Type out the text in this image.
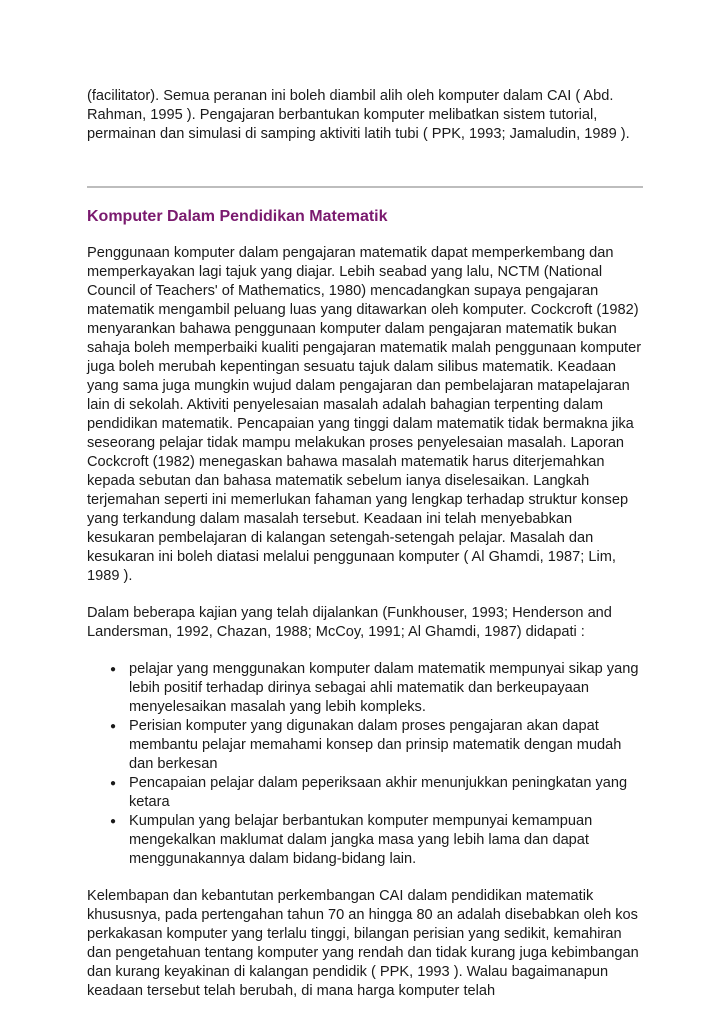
(facilitator). Semua peranan ini boleh diambil alih oleh komputer dalam CAI ( Abd. Rahman, 1995 ). Pengajaran berbantukan komputer melibatkan sistem tutorial, permainan dan simulasi di samping aktiviti latih tubi ( PPK, 1993; Jamaludin, 1989 ).

Komputer Dalam Pendidikan Matematik

Penggunaan komputer dalam pengajaran matematik dapat memperkembang dan memperkayakan lagi tajuk yang diajar. Lebih seabad yang lalu, NCTM (National Council of Teachers' of Mathematics, 1980) mencadangkan supaya pengajaran matematik mengambil peluang luas yang ditawarkan oleh komputer. Cockcroft (1982) menyarankan bahawa penggunaan komputer dalam pengajaran matematik bukan sahaja boleh memperbaiki kualiti pengajaran matematik malah penggunaan komputer juga boleh merubah kepentingan sesuatu tajuk dalam silibus matematik. Keadaan yang sama juga mungkin wujud dalam pengajaran dan pembelajaran matapelajaran lain di sekolah. Aktiviti penyelesaian masalah adalah bahagian terpenting dalam pendidikan matematik. Pencapaian yang tinggi dalam matematik tidak bermakna jika seseorang pelajar tidak mampu melakukan proses penyelesaian masalah. Laporan Cockcroft (1982) menegaskan bahawa masalah matematik harus diterjemahkan kepada sebutan dan bahasa matematik sebelum ianya diselesaikan. Langkah terjemahan seperti ini memerlukan fahaman yang lengkap terhadap struktur konsep yang terkandung dalam masalah tersebut. Keadaan ini telah menyebabkan kesukaran pembelajaran di kalangan setengah-setengah pelajar. Masalah dan kesukaran ini boleh diatasi melalui penggunaan komputer ( Al Ghamdi, 1987; Lim, 1989 ).

Dalam beberapa kajian yang telah dijalankan (Funkhouser, 1993; Henderson and Landersman, 1992, Chazan, 1988; McCoy, 1991; Al Ghamdi, 1987) didapati :

● pelajar yang menggunakan komputer dalam matematik mempunyai sikap yang lebih positif terhadap dirinya sebagai ahli matematik dan berkeupayaan menyelesaikan masalah yang lebih kompleks.
● Perisian komputer yang digunakan dalam proses pengajaran akan dapat membantu pelajar memahami konsep dan prinsip matematik dengan mudah dan berkesan
● Pencapaian pelajar dalam peperiksaan akhir menunjukkan peningkatan yang ketara
● Kumpulan yang belajar berbantukan komputer mempunyai kemampuan mengekalkan maklumat dalam jangka masa yang lebih lama dan dapat menggunakannya dalam bidang-bidang lain.

Kelembapan dan kebantutan perkembangan CAI dalam pendidikan matematik khususnya, pada pertengahan tahun 70 an hingga 80 an adalah disebabkan oleh kos perkakasan komputer yang terlalu tinggi, bilangan perisian yang sedikit, kemahiran dan pengetahuan tentang komputer yang rendah dan tidak kurang juga kebimbangan dan kurang keyakinan di kalangan pendidik ( PPK, 1993 ). Walau bagaimanapun keadaan tersebut telah berubah, di mana harga komputer telah
